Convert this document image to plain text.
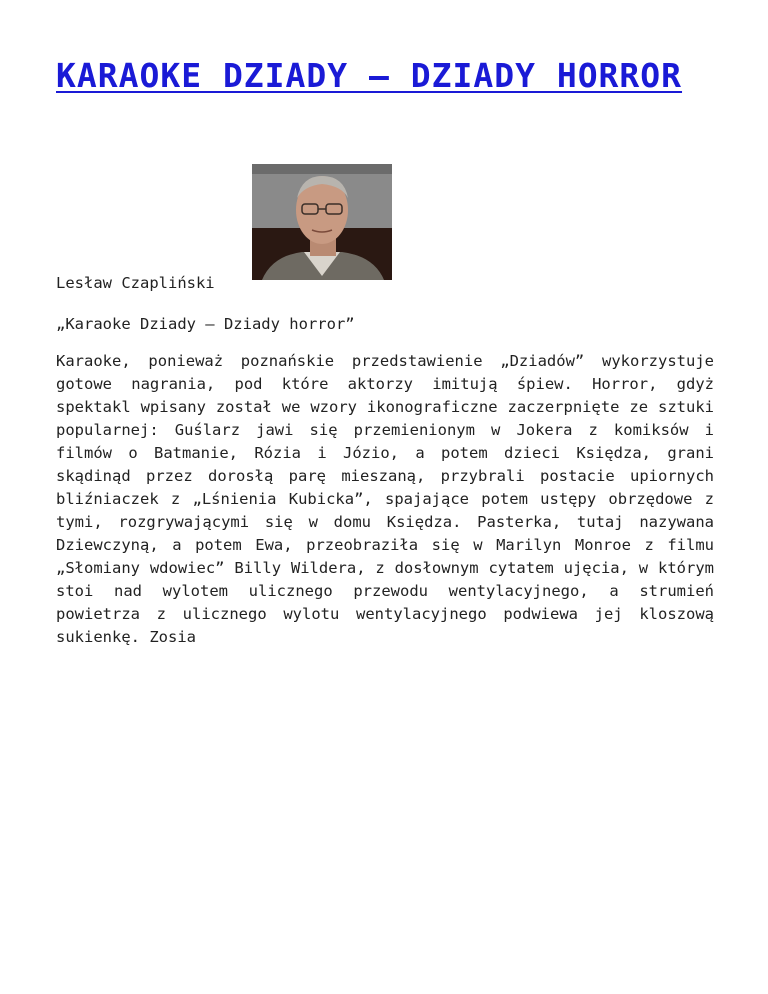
KARAOKE DZIADY – DZIADY HORROR

Lesław Czapliński

„Karaoke Dziady – Dziady horror”

Karaoke, ponieważ poznańskie przedstawienie „Dziadów” wykorzystuje gotowe nagrania, pod które aktorzy imitują śpiew. Horror, gdyż spektakl wpisany został we wzory ikonograficzne zaczerpnięte ze sztuki popularnej: Guślarz jawi się przemienionym w Jokera z komiksów i filmów o Batmanie, Rózia i Józio, a potem dzieci Księdza, grani skądinąd przez dorosłą parę mieszaną, przybrali postacie upiornych bliźniaczek z „Lśnienia Kubicka”, spajające potem ustępy obrzędowe z tymi, rozgrywającymi się w domu Księdza. Pasterka, tutaj nazywana Dziewczyną, a potem Ewa, przeobraziła się w Marilyn Monroe z filmu „Słomiany wdowiec” Billy Wildera, z dosłownym cytatem ujęcia, w którym stoi nad wylotem ulicznego przewodu wentylacyjnego, a strumień powietrza z ulicznego wylotu wentylacyjnego podwiewa jej kloszową sukienkę. Zosia
